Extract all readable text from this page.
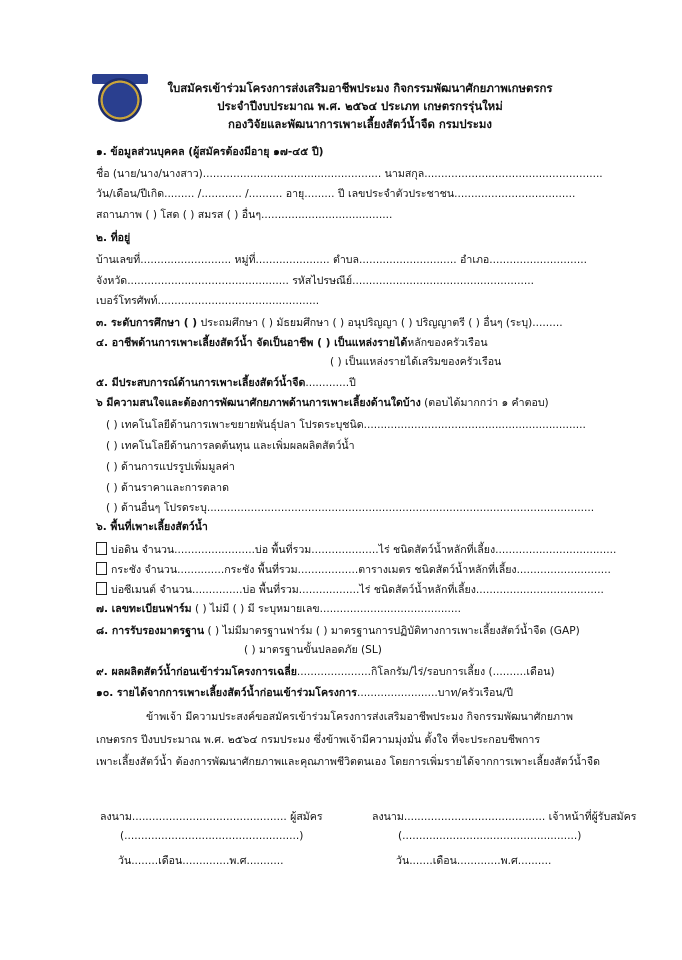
ใบสมัครเข้าร่วมโครงการส่งเสริมอาชีพประมง กิจกรรมพัฒนาศักยภาพเกษตรกร
ประจำปีงบประมาณ พ.ศ. ๒๕๖๔ ประเภท เกษตรกรรุ่นใหม่
กองวิจัยและพัฒนาการเพาะเลี้ยงสัตว์น้ำจืด กรมประมง
๑. ข้อมูลส่วนบุคคล (ผู้สมัครต้องมีอายุ ๑๗-๔๕ ปี)
ชื่อ (นาย/นาง/นางสาว)..................................................... นามสกุล.....................................................
วัน/เดือน/ปีเกิด......... /............ /.......... อายุ......... ปี เลขประจำตัวประชาชน....................................
สถานภาพ ( ) โสด ( ) สมรส ( ) อื่นๆ.......................................
๒. ที่อยู่
บ้านเลขที่........................... หมู่ที่...................... ตำบล............................. อำเภอ.............................
จังหวัด................................................ รหัสไปรษณีย์......................................................
เบอร์โทรศัพท์................................................
๓. ระดับการศึกษา ( ) ประถมศึกษา ( ) มัธยมศึกษา ( ) อนุปริญญา ( ) ปริญญาตรี ( ) อื่นๆ (ระบุ).........
๔. อาชีพด้านการเพาะเลี้ยงสัตว์น้ำ จัดเป็นอาชีพ ( ) เป็นแหล่งรายได้หลักของครัวเรือน
( ) เป็นแหล่งรายได้เสริมของครัวเรือน
๕. มีประสบการณ์ด้านการเพาะเลี้ยงสัตว์น้ำจืด.............ปี
๖ มีความสนใจและต้องการพัฒนาศักยภาพด้านการเพาะเลี้ยงด้านใดบ้าง (ตอบได้มากกว่า ๑ คำตอบ)
( ) เทคโนโลยีด้านการเพาะขยายพันธุ์ปลา โปรดระบุชนิด..................................................................
( ) เทคโนโลยีด้านการลดต้นทุน และเพิ่มผลผลิตสัตว์น้ำ
( ) ด้านการแปรรูปเพิ่มมูลค่า
( ) ด้านราคาและการตลาด
( ) ด้านอื่นๆ โปรดระบุ...................................................................................................................
๖. พื้นที่เพาะเลี้ยงสัตว์น้ำ
บ่อดิน จำนวน........................บ่อ พื้นที่รวม....................ไร่ ชนิดสัตว์น้ำหลักที่เลี้ยง....................................
กระชัง จำนวน..............กระชัง พื้นที่รวม..................ตารางเมตร ชนิดสัตว์น้ำหลักที่เลี้ยง............................
บ่อซีเมนต์ จำนวน...............บ่อ พื้นที่รวม..................ไร่ ชนิดสัตว์น้ำหลักที่เลี้ยง......................................
๗. เลขทะเบียนฟาร์ม ( ) ไม่มี ( ) มี ระบุหมายเลข..........................................
๘. การรับรองมาตรฐาน ( ) ไม่มีมาตรฐานฟาร์ม ( ) มาตรฐานการปฏิบัติทางการเพาะเลี้ยงสัตว์น้ำจืด (GAP)
( ) มาตรฐานขั้นปลอดภัย (SL)
๙. ผลผลิตสัตว์น้ำก่อนเข้าร่วมโครงการเฉลี่ย......................กิโลกรัม/ไร่/รอบการเลี้ยง (..........เดือน)
๑๐. รายได้จากการเพาะเลี้ยงสัตว์น้ำก่อนเข้าร่วมโครงการ........................บาท/ครัวเรือน/ปี
ข้าพเจ้า มีความประสงค์ขอสมัครเข้าร่วมโครงการส่งเสริมอาชีพประมง กิจกรรมพัฒนาศักยภาพ
เกษตรกร ปีงบประมาณ พ.ศ. ๒๕๖๔ กรมประมง ซึ่งข้าพเจ้ามีความมุ่งมั่น ตั้งใจ ที่จะประกอบชีพการ
เพาะเลี้ยงสัตว์น้ำ ต้องการพัฒนาศักยภาพและคุณภาพชีวิตตนเอง โดยการเพิ่มรายได้จากการเพาะเลี้ยงสัตว์น้ำจืด
ลงนาม.............................................. ผู้สมัคร
(....................................................)
วัน........เดือน..............พ.ศ...........
ลงนาม.......................................... เจ้าหน้าที่ผู้รับสมัคร
(....................................................)
วัน.......เดือน.............พ.ศ..........
